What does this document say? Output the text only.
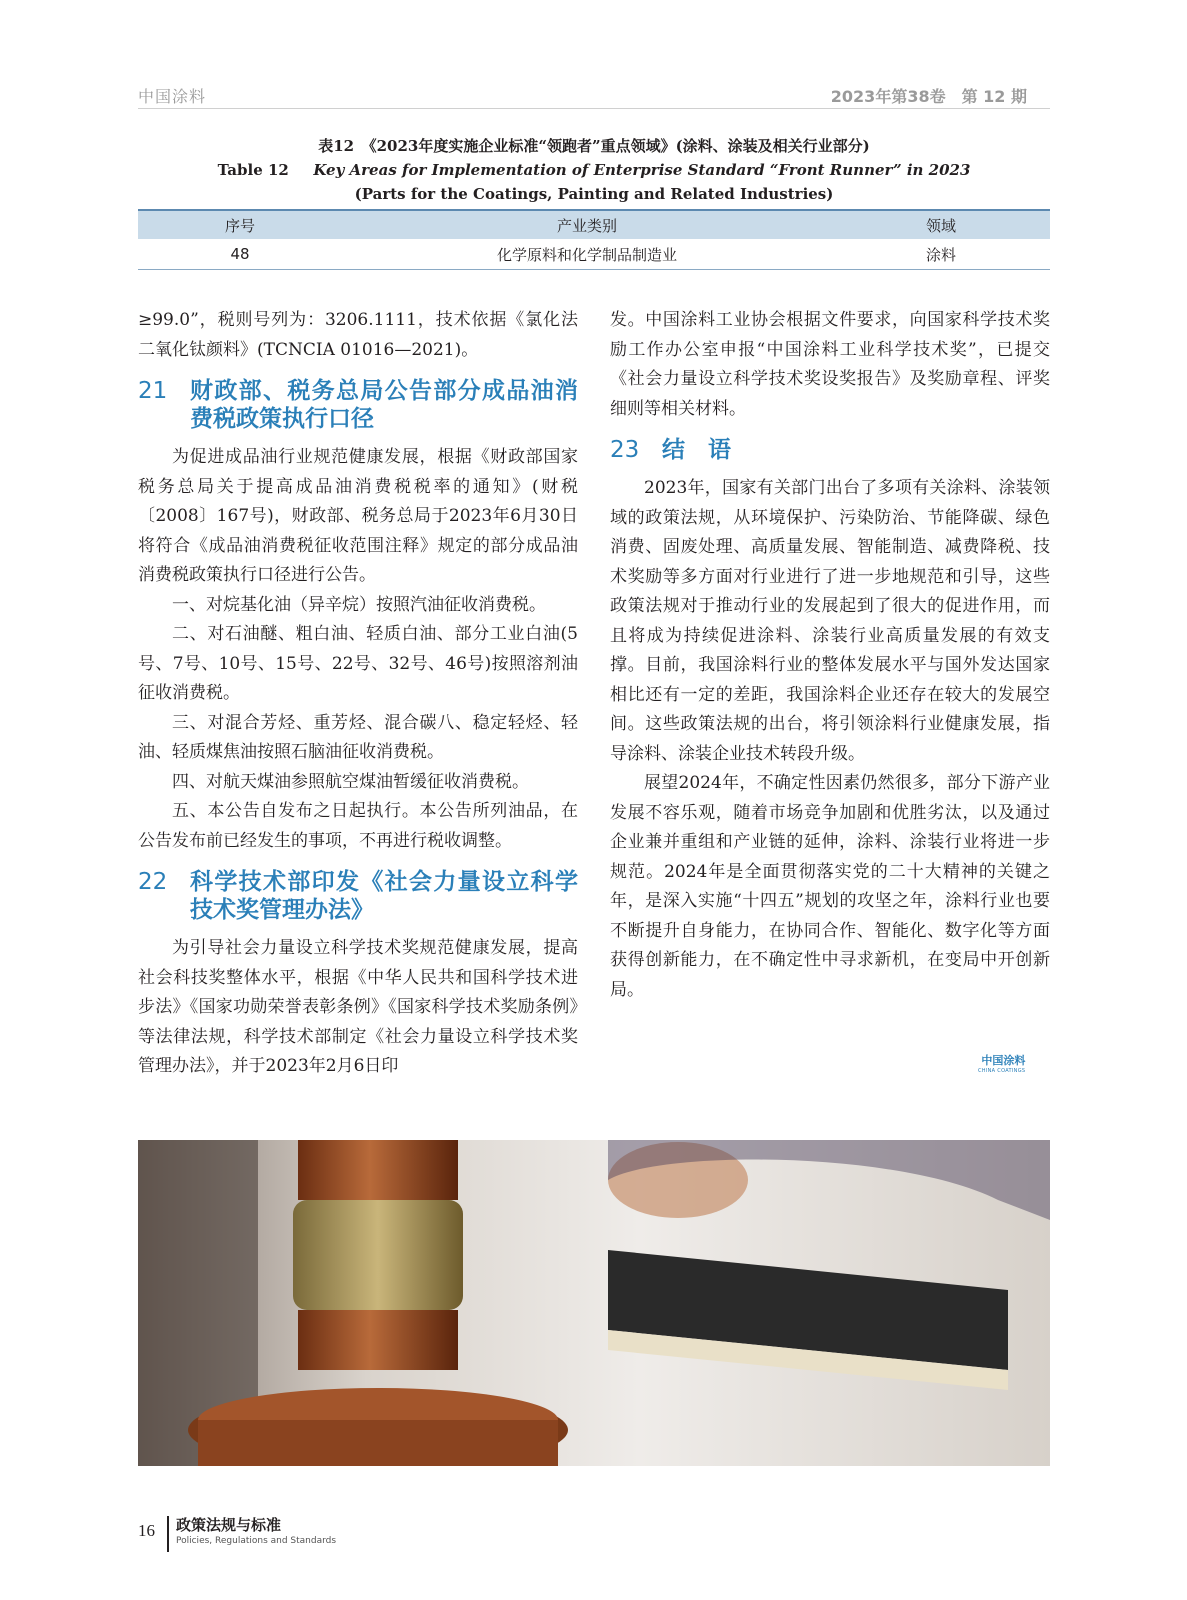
中国涂料	2023年第38卷　第 12 期
表12　《2023年度实施企业标准“领跑者”重点领域》(涂料、涂装及相关行业部分)
Table 12 Key Areas for Implementation of Enterprise Standard “Front Runner” in 2023
(Parts for the Coatings, Painting and Related Industries)
序号	产业类别	领域
48	化学原料和化学制品制造业	涂料

≥99.0”，税则号列为：3206.1111，技术依据《氯化法二氧化钛颜料》(TCNCIA 01016—2021)。

21 财政部、税务总局公告部分成品油消费税政策执行口径

为促进成品油行业规范健康发展，根据《财政部国家税务总局关于提高成品油消费税税率的通知》(财税〔2008〕167号)，财政部、税务总局于2023年6月30日将符合《成品油消费税征收范围注释》规定的部分成品油消费税政策执行口径进行公告。

一、对烷基化油（异辛烷）按照汽油征收消费税。

二、对石油醚、粗白油、轻质白油、部分工业白油(5号、7号、10号、15号、22号、32号、46号)按照溶剂油征收消费税。

三、对混合芳烃、重芳烃、混合碳八、稳定轻烃、轻油、轻质煤焦油按照石脑油征收消费税。

四、对航天煤油参照航空煤油暂缓征收消费税。

五、本公告自发布之日起执行。本公告所列油品，在公告发布前已经发生的事项，不再进行税收调整。

22 科学技术部印发《社会力量设立科学技术奖管理办法》

为引导社会力量设立科学技术奖规范健康发展，提高社会科技奖整体水平，根据《中华人民共和国科学技术进步法》《国家功勋荣誉表彰条例》《国家科学技术奖励条例》等法律法规，科学技术部制定《社会力量设立科学技术奖管理办法》，并于2023年2月6日印

发。中国涂料工业协会根据文件要求，向国家科学技术奖励工作办公室申报“中国涂料工业科学技术奖”，已提交《社会力量设立科学技术奖设奖报告》及奖励章程、评奖细则等相关材料。

23 结　语

2023年，国家有关部门出台了多项有关涂料、涂装领域的政策法规，从环境保护、污染防治、节能降碳、绿色消费、固废处理、高质量发展、智能制造、减费降税、技术奖励等多方面对行业进行了进一步地规范和引导，这些政策法规对于推动行业的发展起到了很大的促进作用，而且将成为持续促进涂料、涂装行业高质量发展的有效支撑。目前，我国涂料行业的整体发展水平与国外发达国家相比还有一定的差距，我国涂料企业还存在较大的发展空间。这些政策法规的出台，将引领涂料行业健康发展，指导涂料、涂装企业技术转段升级。

展望2024年，不确定性因素仍然很多，部分下游产业发展不容乐观，随着市场竞争加剧和优胜劣汰，以及通过企业兼并重组和产业链的延伸，涂料、涂装行业将进一步规范。2024年是全面贯彻落实党的二十大精神的关键之年，是深入实施“十四五”规划的攻坚之年，涂料行业也要不断提升自身能力，在协同合作、智能化、数字化等方面获得创新能力，在不确定性中寻求新机，在变局中开创新局。

中国涂料
CHINA COATINGS
16 政策法规与标准
Policies, Regulations and Standards
